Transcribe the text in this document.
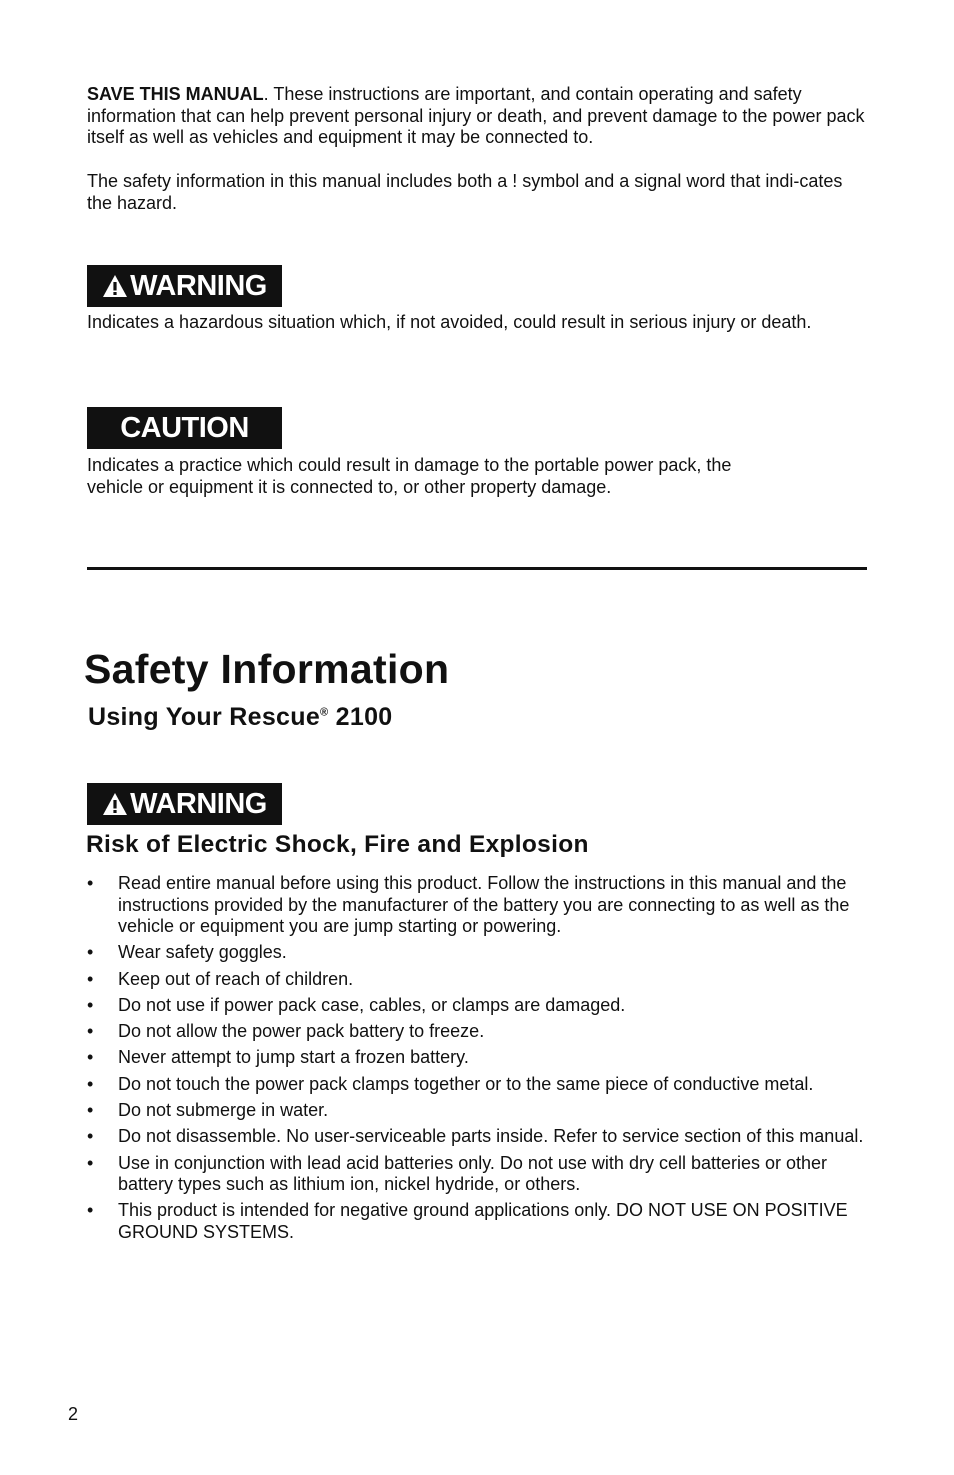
SAVE THIS MANUAL. These instructions are important, and contain operating and safety information that can help prevent personal injury or death, and prevent damage to the power pack itself as well as vehicles and equipment it may be connected to.
The safety information in this manual includes both a ! symbol and a signal word that indi-cates the hazard.
WARNING
Indicates a hazardous situation which, if not avoided, could result in serious injury or death.
CAUTION
Indicates a practice which could result in damage to the portable power pack, the vehicle or equipment it is connected to, or other property damage.
Safety Information
Using Your Rescue® 2100
WARNING
Risk of Electric Shock, Fire and Explosion
• Read entire manual before using this product. Follow the instructions in this manual and the instructions provided by the manufacturer of the battery you are connecting to as well as the vehicle or equipment you are jump starting or powering.
• Wear safety goggles.
• Keep out of reach of children.
• Do not use if power pack case, cables, or clamps are damaged.
• Do not allow the power pack battery to freeze.
• Never attempt to jump start a frozen battery.
• Do not touch the power pack clamps together or to the same piece of conductive metal.
• Do not submerge in water.
• Do not disassemble. No user-serviceable parts inside. Refer to service section of this manual.
• Use in conjunction with lead acid batteries only. Do not use with dry cell batteries or other battery types such as lithium ion, nickel hydride, or others.
• This product is intended for negative ground applications only. DO NOT USE ON POSITIVE GROUND SYSTEMS.
2
